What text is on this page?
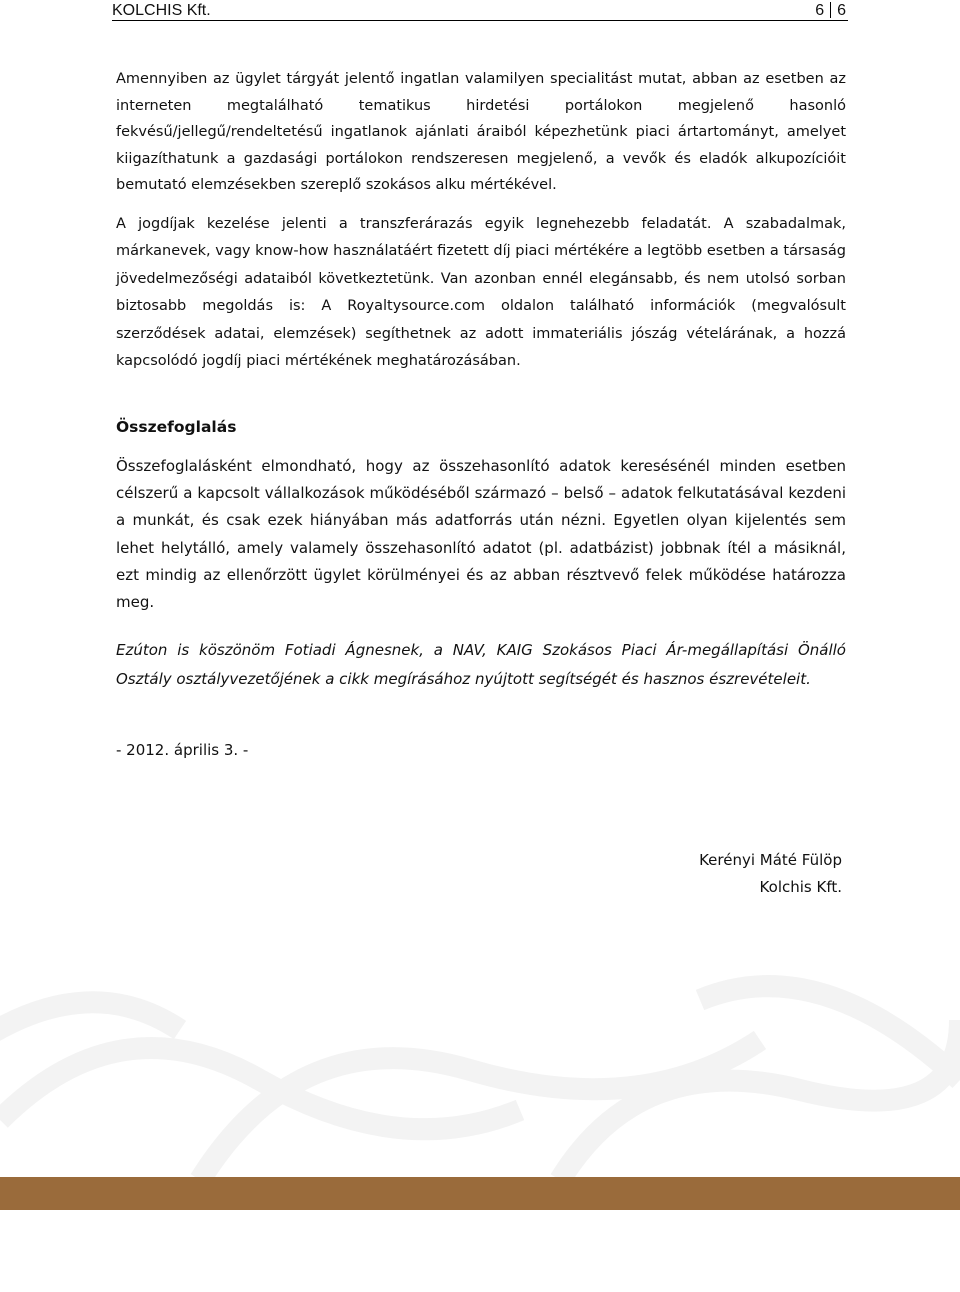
KOLCHIS Kft.	6 6

Amennyiben az ügylet tárgyát jelentő ingatlan valamilyen specialitást mutat, abban az esetben az interneten megtalálható tematikus hirdetési portálokon megjelenő hasonló fekvésű/jellegű/rendeltetésű ingatlanok ajánlati áraiból képezhetünk piaci ártartományt, amelyet kiigazíthatunk a gazdasági portálokon rendszeresen megjelenő, a vevők és eladók alkupozícióit bemutató elemzésekben szereplő szokásos alku mértékével.

A jogdíjak kezelése jelenti a transzferárazás egyik legnehezebb feladatát. A szabadalmak, márkanevek, vagy know-how használatáért fizetett díj piaci mértékére a legtöbb esetben a társaság jövedelmezőségi adataiból következtetünk. Van azonban ennél elegánsabb, és nem utolsó sorban biztosabb megoldás is: A Royaltysource.com oldalon található információk (megvalósult szerződések adatai, elemzések) segíthetnek az adott immateriális jószág vételárának, a hozzá kapcsolódó jogdíj piaci mértékének meghatározásában.

Összefoglalás

Összefoglalásként elmondható, hogy az összehasonlító adatok keresésénél minden esetben célszerű a kapcsolt vállalkozások működéséből származó – belső – adatok felkutatásával kezdeni a munkát, és csak ezek hiányában más adatforrás után nézni. Egyetlen olyan kijelentés sem lehet helytálló, amely valamely összehasonlító adatot (pl. adatbázist) jobbnak ítél a másiknál, ezt mindig az ellenőrzött ügylet körülményei és az abban résztvevő felek működése határozza meg.

Ezúton is köszönöm Fotiadi Ágnesnek, a NAV, KAIG Szokásos Piaci Ár-megállapítási Önálló Osztály osztályvezetőjének a cikk megírásához nyújtott segítségét és hasznos észrevételeit.

- 2012. április 3. -

Kerényi Máté Fülöp
Kolchis Kft.
